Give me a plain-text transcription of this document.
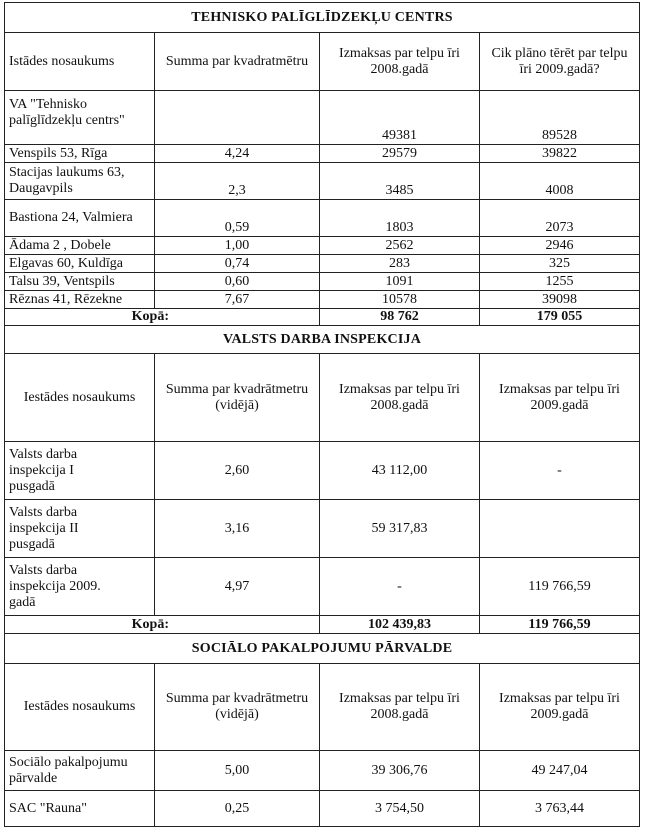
TEHNISKO PALĪGLĪDZEKĻU CENTRS			
Istādes nosaukums	Summa par kvadratmētru	Izmaksas par telpu īri 2008.gadā	Cik plāno tērēt par telpu īri 2009.gadā?
VA "Tehnisko palīglīdzekļu centrs"		49381	89528
Venspils 53, Rīga	4,24	29579	39822
Stacijas laukums 63, Daugavpils	2,3	3485	4008
Bastiona 24, Valmiera	0,59	1803	2073
Ādama 2 , Dobele	1,00	2562	2946
Elgavas 60, Kuldīga	0,74	283	325
Talsu 39, Ventspils	0,60	1091	1255
Rēznas 41, Rēzekne	7,67	10578	39098
Kopā:		98 762	179 055
VALSTS DARBA INSPEKCIJA			
Iestādes nosaukums	Summa par kvadrātmetru (vidējā)	Izmaksas par telpu īri 2008.gadā	Izmaksas par telpu īri 2009.gadā
Valsts darba inspekcija I pusgadā	2,60	43 112,00	-
Valsts darba inspekcija II pusgadā	3,16	59 317,83	
Valsts darba inspekcija 2009. gadā	4,97	-	119 766,59
Kopā:		102 439,83	119 766,59
SOCIĀLO PAKALPOJUMU PĀRVALDE			
Iestādes nosaukums	Summa par kvadrātmetru (vidējā)	Izmaksas par telpu īri 2008.gadā	Izmaksas par telpu īri 2009.gadā
Sociālo pakalpojumu pārvalde	5,00	39 306,76	49 247,04
SAC "Rauna"	0,25	3 754,50	3 763,44
